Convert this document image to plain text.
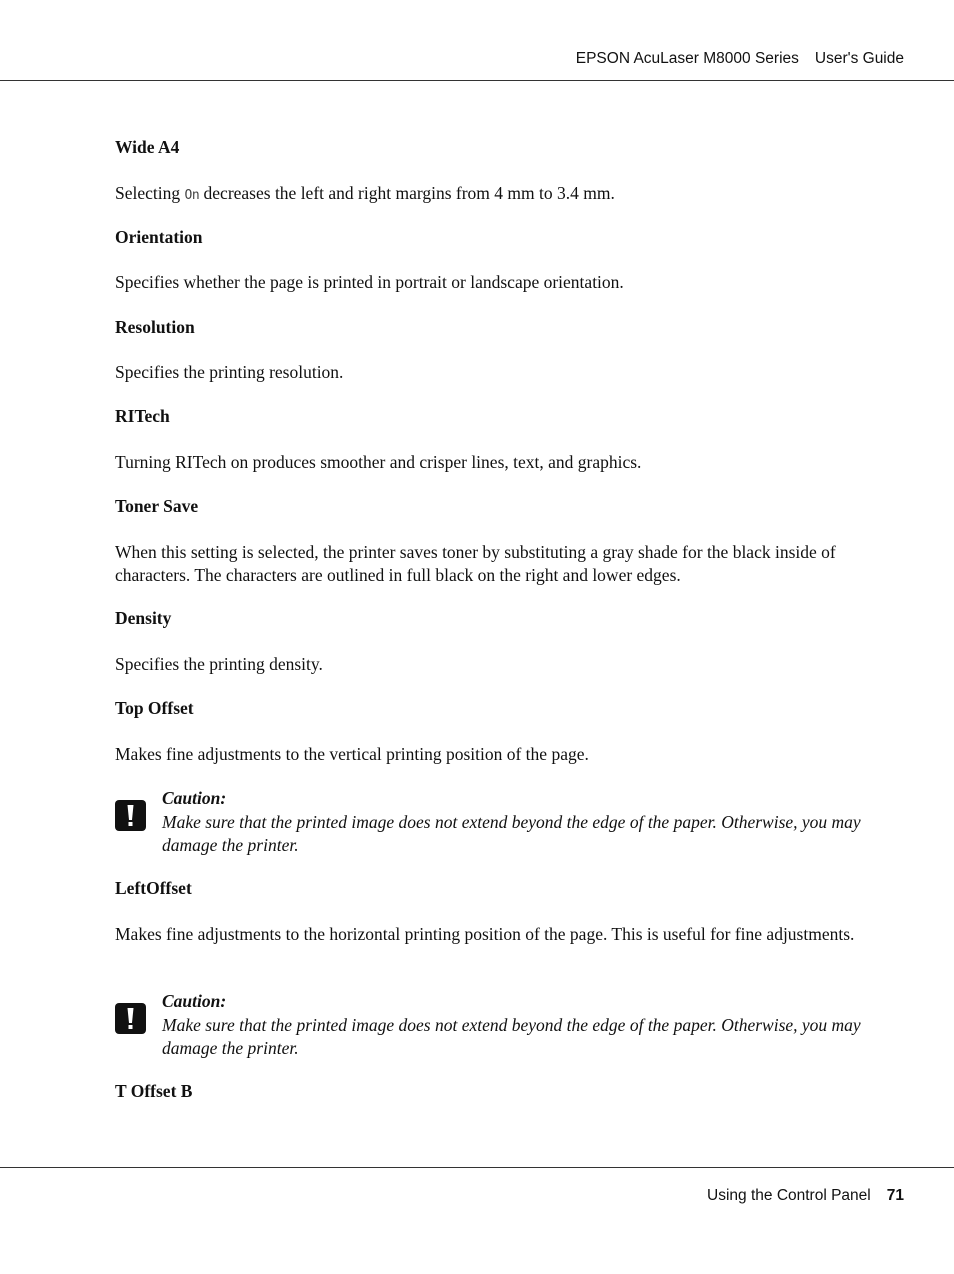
EPSON AcuLaser M8000 Series User's Guide
Wide A4
Selecting On decreases the left and right margins from 4 mm to 3.4 mm.
Orientation
Specifies whether the page is printed in portrait or landscape orientation.
Resolution
Specifies the printing resolution.
RITech
Turning RITech on produces smoother and crisper lines, text, and graphics.
Toner Save
When this setting is selected, the printer saves toner by substituting a gray shade for the black inside of characters. The characters are outlined in full black on the right and lower edges.
Density
Specifies the printing density.
Top Offset
Makes fine adjustments to the vertical printing position of the page.
Caution:
Make sure that the printed image does not extend beyond the edge of the paper. Otherwise, you may damage the printer.
LeftOffset
Makes fine adjustments to the horizontal printing position of the page. This is useful for fine adjustments.
Caution:
Make sure that the printed image does not extend beyond the edge of the paper. Otherwise, you may damage the printer.
T Offset B
Using the Control Panel 71
